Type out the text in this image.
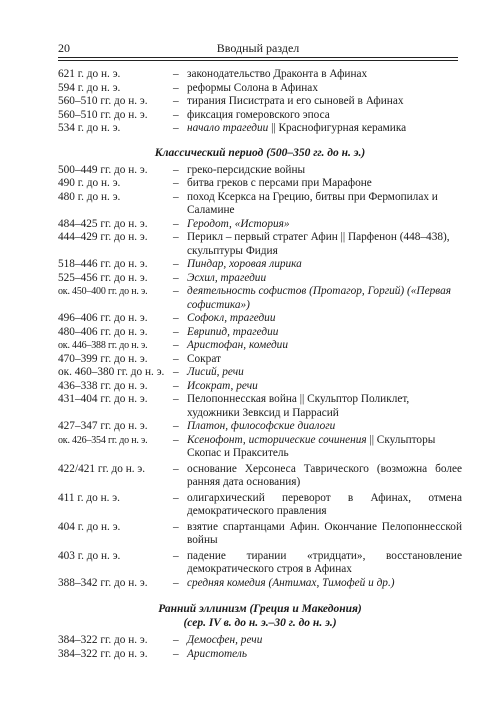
20	Вводный раздел
621 г. до н. э.	– законодательство Драконта в Афинах
594 г. до н. э.	– реформы Солона в Афинах
560–510 гг. до н. э.	– тирания Писистрата и его сыновей в Афинах
560–510 гг. до н. э.	– фиксация гомеровского эпоса
534 г. до н. э.	– начало трагедии || Краснофигурная керамика
Классический период (500–350 гг. до н. э.)
500–449 гг. до н. э.	– греко-персидские войны
490 г. до н. э.	– битва греков с персами при Марафоне
480 г. до н. э.	– поход Ксеркса на Грецию, битвы при Фермопилах и Саламине
484–425 гг. до н. э.	– Геродот, «История»
444–429 гг. до н. э.	– Перикл – первый стратег Афин || Парфенон (448–438), скульптуры Фидия
518–446 гг. до н. э.	– Пиндар, хоровая лирика
525–456 гг. до н. э.	– Эсхил, трагедии
ок. 450–400 гг. до н. э.	– деятельность софистов (Протагор, Горгий) («Первая софистика»)
496–406 гг. до н. э.	– Софокл, трагедии
480–406 гг. до н. э.	– Еврипид, трагедии
ок. 446–388 гг. до н. э.	– Аристофан, комедии
470–399 гг. до н. э.	– Сократ
ок. 460–380 гг. до н. э. – Лисий, речи
436–338 гг. до н. э.	– Исократ, речи
431–404 гг. до н. э.	– Пелопоннесская война || Скульптор Поликлет, художники Зевксид и Паррасий
427–347 гг. до н. э.	– Платон, философские диалоги
ок. 426–354 гг. до н. э.	– Ксенофонт, исторические сочинения || Скульпторы Скопас и Пракситель
422/421 гг. до н. э.	– основание Херсонеса Таврического (возможна более ранняя дата основания)
411 г. до н. э.	– олигархический переворот в Афинах, отмена демократического правления
404 г. до н. э.	– взятие спартанцами Афин. Окончание Пелопоннесской войны
403 г. до н. э.	– падение тирании «тридцати», восстановление демократического строя в Афинах
388–342 гг. до н. э.	– средняя комедия (Антимах, Тимофей и др.)
Ранний эллинизм (Греция и Македония)
(сер. IV в. до н. э.–30 г. до н. э.)
384–322 гг. до н. э.	– Демосфен, речи
384–322 гг. до н. э.	– Аристотель
